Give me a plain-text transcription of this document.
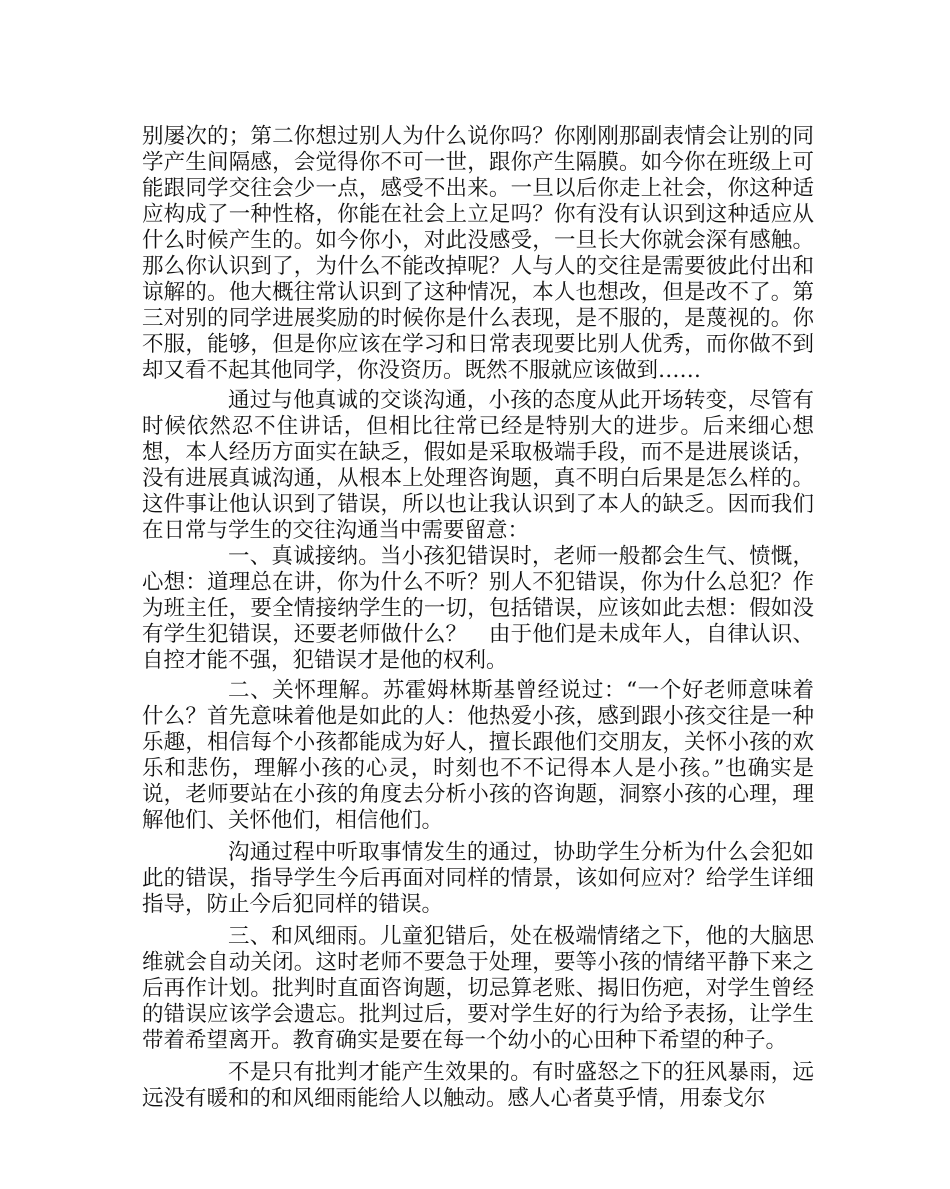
别屡次的；第二你想过别人为什么说你吗？你刚刚那副表情会让别的同学产生间隔感，会觉得你不可一世，跟你产生隔膜。如今你在班级上可能跟同学交往会少一点，感受不出来。一旦以后你走上社会，你这种适应构成了一种性格，你能在社会上立足吗？你有没有认识到这种适应从什么时候产生的。如今你小，对此没感受，一旦长大你就会深有感触。那么你认识到了，为什么不能改掉呢？人与人的交往是需要彼此付出和谅解的。他大概往常认识到了这种情况，本人也想改，但是改不了。第三对别的同学进展奖励的时候你是什么表现，是不服的，是蔑视的。你不服，能够，但是你应该在学习和日常表现要比别人优秀，而你做不到却又看不起其他同学，你没资历。既然不服就应该做到……

通过与他真诚的交谈沟通，小孩的态度从此开场转变，尽管有时候依然忍不住讲话，但相比往常已经是特别大的进步。后来细心想想，本人经历方面实在缺乏，假如是采取极端手段，而不是进展谈话，没有进展真诚沟通，从根本上处理咨询题，真不明白后果是怎么样的。这件事让他认识到了错误，所以也让我认识到了本人的缺乏。因而我们在日常与学生的交往沟通当中需要留意：

一、真诚接纳。当小孩犯错误时，老师一般都会生气、愤慨，心想：道理总在讲，你为什么不听？别人不犯错误，你为什么总犯？作为班主任，要全情接纳学生的一切，包括错误，应该如此去想：假如没有学生犯错误，还要老师做什么？　由于他们是未成年人，自律认识、自控才能不强，犯错误才是他的权利。

二、关怀理解。苏霍姆林斯基曾经说过：“一个好老师意味着什么？首先意味着他是如此的人：他热爱小孩，感到跟小孩交往是一种乐趣，相信每个小孩都能成为好人，擅长跟他们交朋友，关怀小孩的欢乐和悲伤，理解小孩的心灵，时刻也不不记得本人是小孩。”也确实是说，老师要站在小孩的角度去分析小孩的咨询题，洞察小孩的心理，理解他们、关怀他们，相信他们。

沟通过程中听取事情发生的通过，协助学生分析为什么会犯如此的错误，指导学生今后再面对同样的情景，该如何应对？给学生详细指导，防止今后犯同样的错误。

三、和风细雨。儿童犯错后，处在极端情绪之下，他的大脑思维就会自动关闭。这时老师不要急于处理，要等小孩的情绪平静下来之后再作计划。批判时直面咨询题，切忌算老账、揭旧伤疤，对学生曾经的错误应该学会遗忘。批判过后，要对学生好的行为给予表扬，让学生带着希望离开。教育确实是要在每一个幼小的心田种下希望的种子。

不是只有批判才能产生效果的。有时盛怒之下的狂风暴雨，远远没有暖和的和风细雨能给人以触动。感人心者莫乎情，用泰戈尔
